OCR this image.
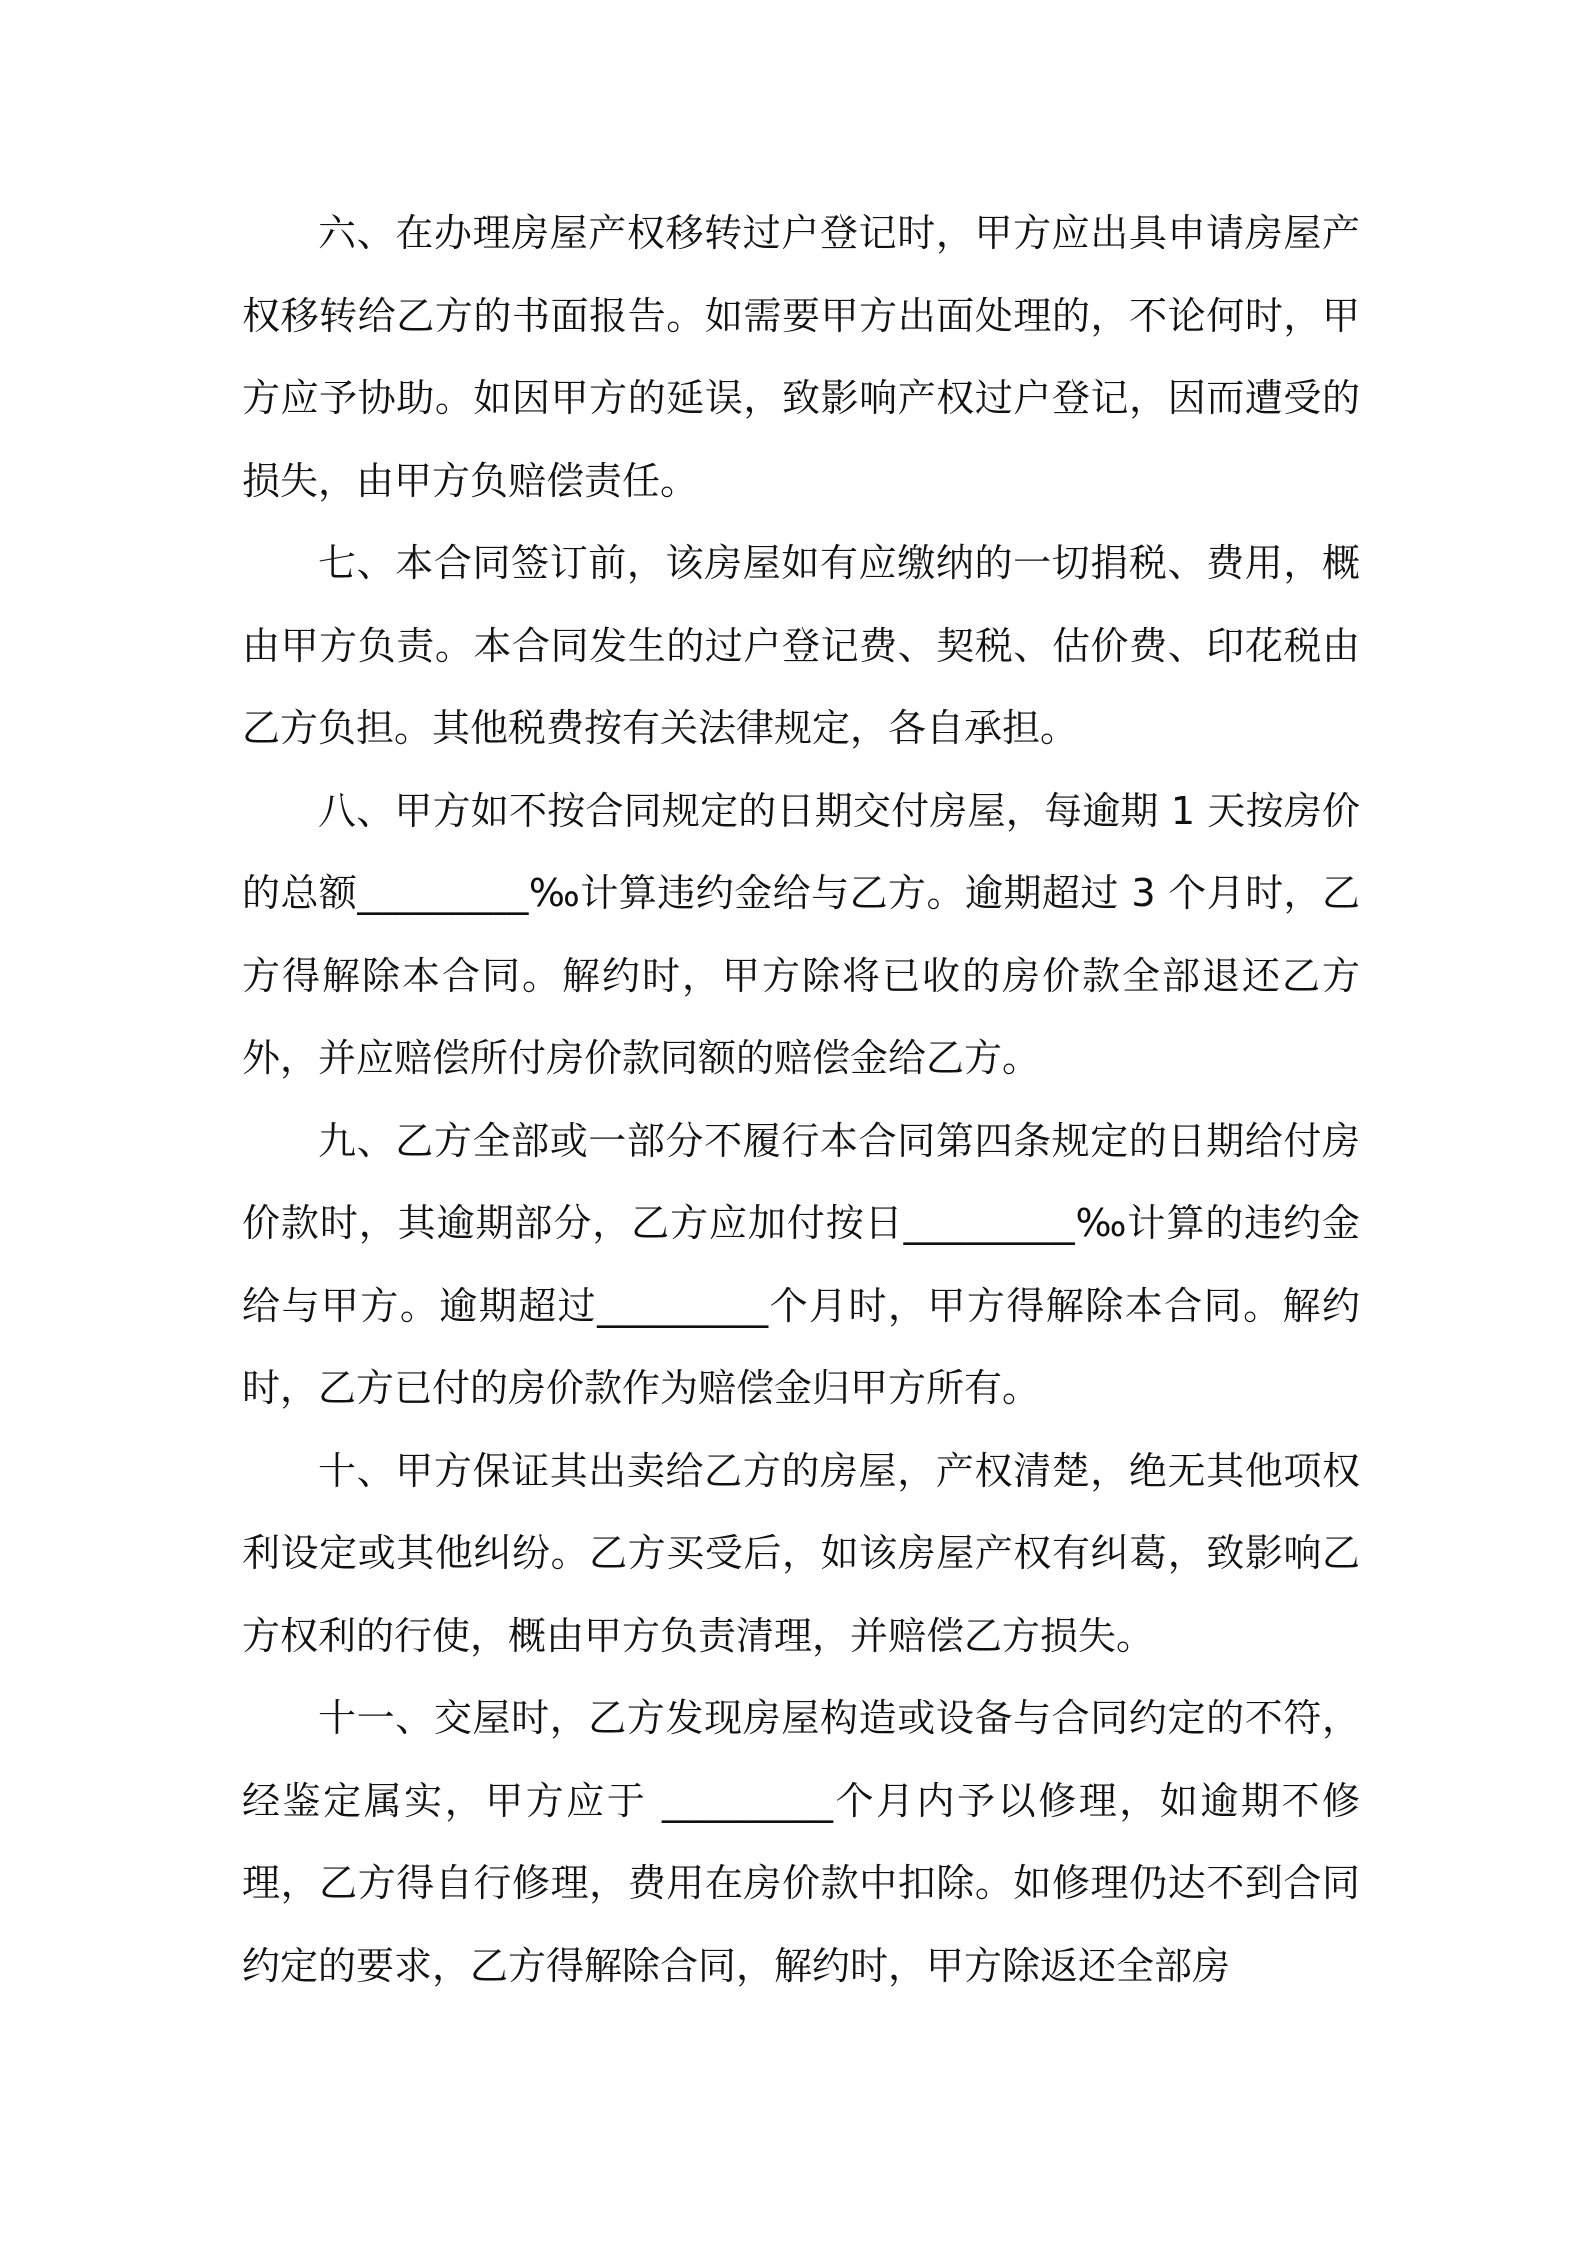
六、在办理房屋产权移转过户登记时，甲方应出具申请房屋产权移转给乙方的书面报告。如需要甲方出面处理的，不论何时，甲方应予协助。如因甲方的延误，致影响产权过户登记，因而遭受的损失，由甲方负赔偿责任。

七、本合同签订前，该房屋如有应缴纳的一切捐税、费用，概由甲方负责。本合同发生的过户登记费、契税、估价费、印花税由乙方负担。其他税费按有关法律规定，各自承担。

八、甲方如不按合同规定的日期交付房屋，每逾期 1 天按房价的总额_________‰计算违约金给与乙方。逾期超过 3 个月时，乙方得解除本合同。解约时，甲方除将已收的房价款全部退还乙方外，并应赔偿所付房价款同额的赔偿金给乙方。

九、乙方全部或一部分不履行本合同第四条规定的日期给付房价款时，其逾期部分，乙方应加付按日_________‰计算的违约金给与甲方。逾期超过_________个月时，甲方得解除本合同。解约时，乙方已付的房价款作为赔偿金归甲方所有。

十、甲方保证其出卖给乙方的房屋，产权清楚，绝无其他项权利设定或其他纠纷。乙方买受后，如该房屋产权有纠葛，致影响乙方权利的行使，概由甲方负责清理，并赔偿乙方损失。

十一、交屋时，乙方发现房屋构造或设备与合同约定的不符，经鉴定属实，甲方应于 _________个月内予以修理，如逾期不修理，乙方得自行修理，费用在房价款中扣除。如修理仍达不到合同约定的要求，乙方得解除合同，解约时，甲方除返还全部房
